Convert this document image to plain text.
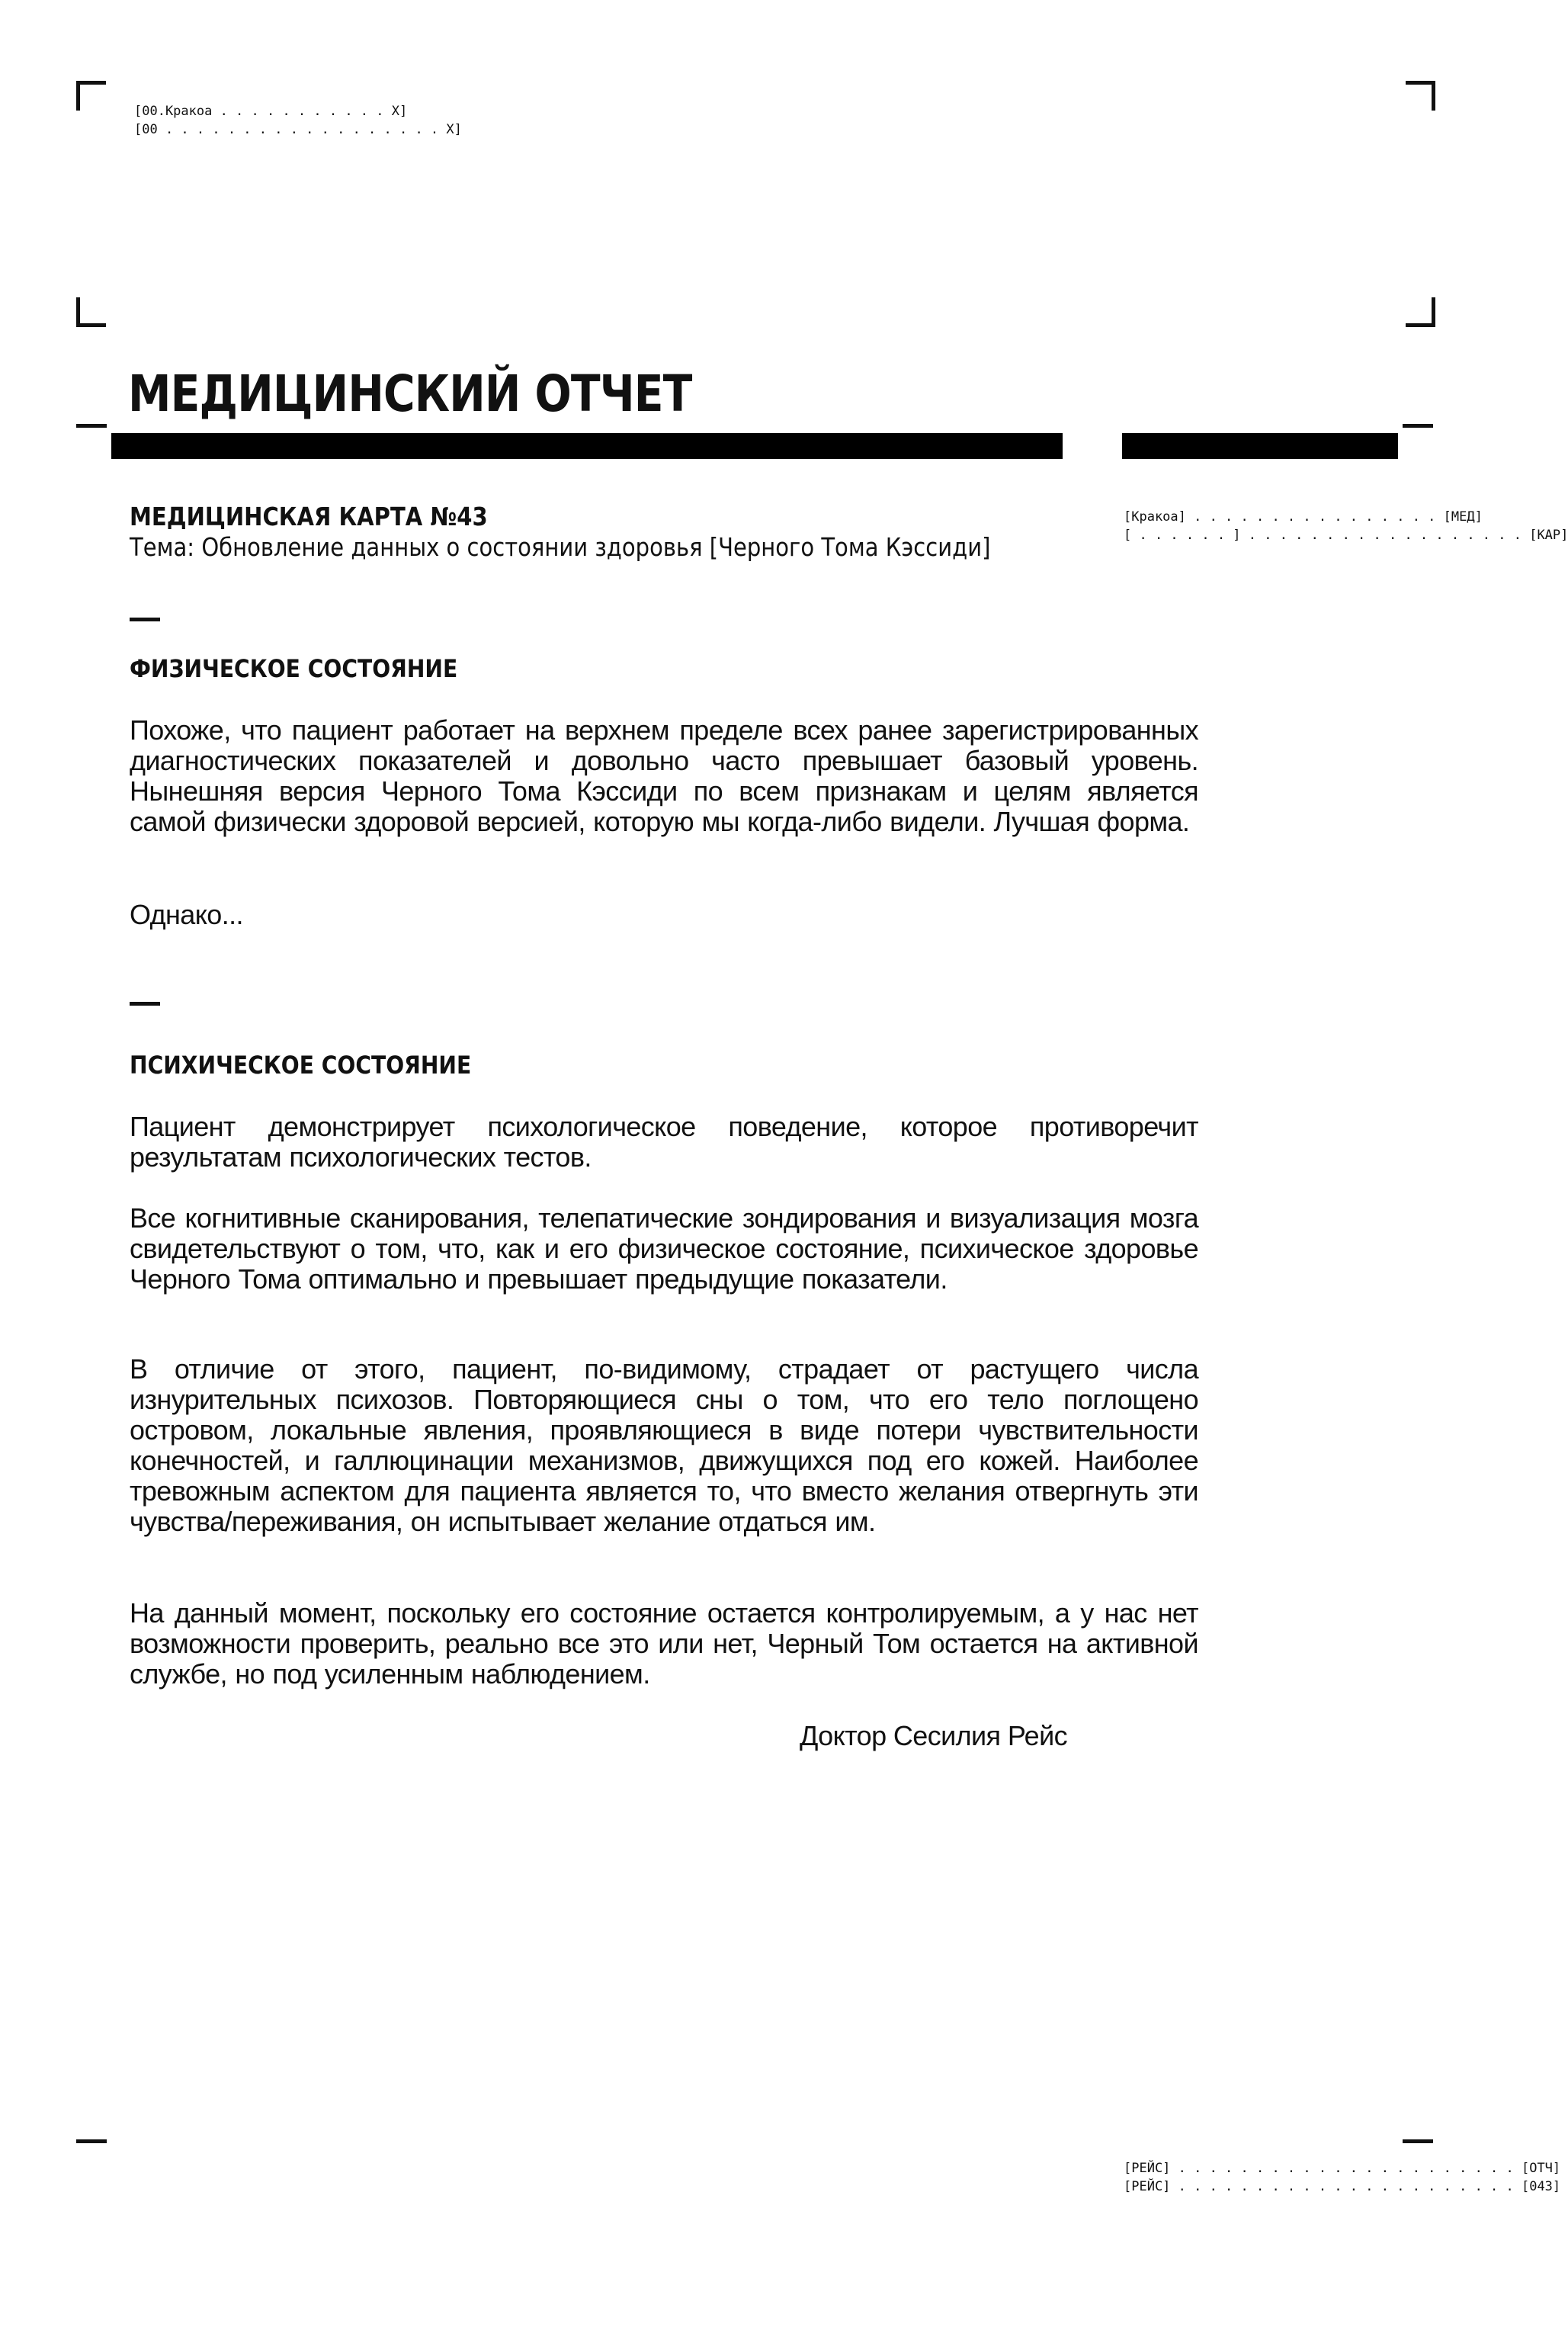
[00.Кракоа . . . . . . . . . . . X]
[00 . . . . . . . . . . . . . . . . . . X]
МЕДИЦИНСКИЙ ОТЧЕТ
МЕДИЦИНСКАЯ КАРТА №43
Тема: Обновление данных о состоянии здоровья [Черного Тома Кэссиди]
[Кракоа] . . . . . . . . . . . . . . . . [МЕД]
[ . . . . . . ] . . . . . . . . . . . . . . . . . . [КАР]
ФИЗИЧЕСКОЕ СОСТОЯНИЕ
Похоже, что пациент работает на верхнем пределе всех ранее зарегистрированных диагностических показателей и довольно часто превышает базовый уровень. Нынешняя версия Черного Тома Кэссиди по всем признакам и целям является самой физически здоровой версией, которую мы когда-либо видели. Лучшая форма.
Однако...
ПСИХИЧЕСКОЕ СОСТОЯНИЕ
Пациент демонстрирует психологическое поведение, которое противоречит результатам психологических тестов.
Все когнитивные сканирования, телепатические зондирования и визуализация мозга свидетельствуют о том, что, как и его физическое состояние, психическое здоровье Черного Тома оптимально и превышает предыдущие показатели.
В отличие от этого, пациент, по-видимому, страдает от растущего числа изнурительных психозов. Повторяющиеся сны о том, что его тело поглощено островом, локальные явления, проявляющиеся в виде потери чувствительности конечностей, и галлюцинации механизмов, движущихся под его кожей. Наиболее тревожным аспектом для пациента является то, что вместо желания отвергнуть эти чувства/переживания, он испытывает желание отдаться им.
На данный момент, поскольку его состояние остается контролируемым, а у нас нет возможности проверить, реально все это или нет, Черный Том остается на активной службе, но под усиленным наблюдением.
Доктор Сесилия Рейс
[РЕЙС] . . . . . . . . . . . . . . . . . . . . . . [ОТЧ]
[РЕЙС] . . . . . . . . . . . . . . . . . . . . . . [043]
